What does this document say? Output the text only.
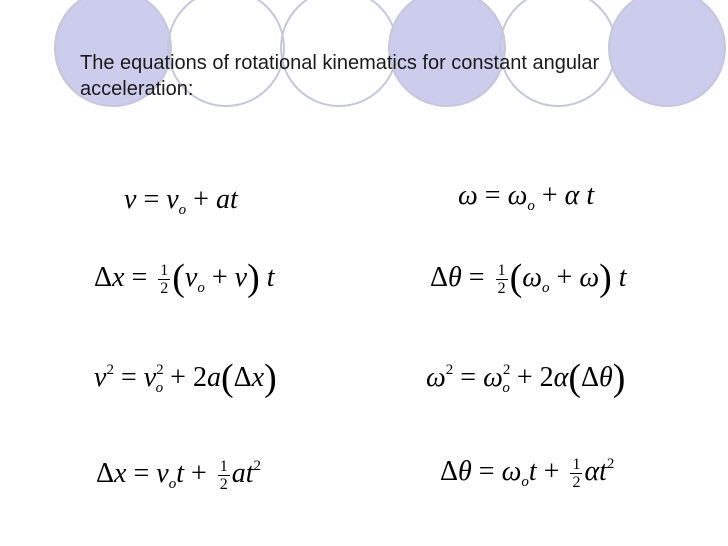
The equations of rotational kinematics for constant angular acceleration:
$v = v_o$ + at
$\Delta x = \frac{1}{2} (v_o + v)$ t
$v^2 = v^2_o + 2a(\Delta x)$
$\Delta x = v_ot + \frac{1}{2} at^2$
$\omega = \omega_o + \alpha$ t
$\Delta\theta = \frac{1}{2} (\omega_o + \omega)$ t
$\omega^2 = \omega^2_o + 2\alpha(\Delta\theta)$
$\Delta\theta = \omega_ot + \frac{1}{2} \alpha t^2$
